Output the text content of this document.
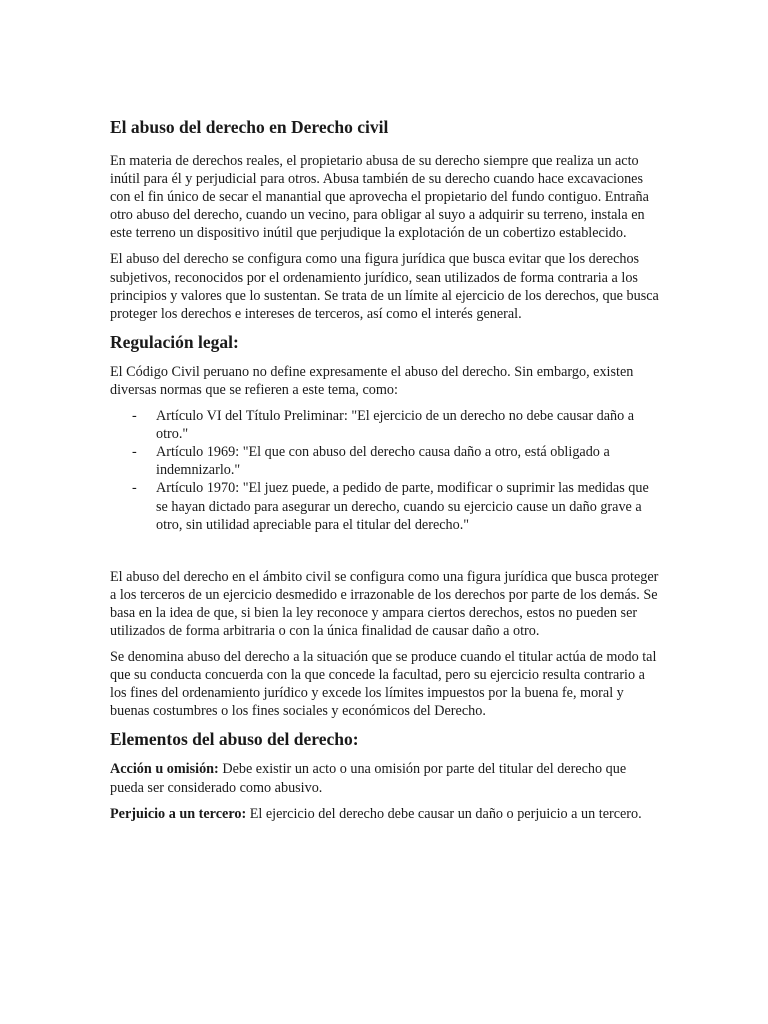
El abuso del derecho en Derecho civil

En materia de derechos reales, el propietario abusa de su derecho siempre que realiza un acto inútil para él y perjudicial para otros. Abusa también de su derecho cuando hace excavaciones con el fin único de secar el manantial que aprovecha el propietario del fundo contiguo. Entraña otro abuso del derecho, cuando un vecino, para obligar al suyo a adquirir su terreno, instala en este terreno un dispositivo inútil que perjudique la explotación de un cobertizo establecido.

El abuso del derecho se configura como una figura jurídica que busca evitar que los derechos subjetivos, reconocidos por el ordenamiento jurídico, sean utilizados de forma contraria a los principios y valores que lo sustentan. Se trata de un límite al ejercicio de los derechos, que busca proteger los derechos e intereses de terceros, así como el interés general.

Regulación legal:

El Código Civil peruano no define expresamente el abuso del derecho. Sin embargo, existen diversas normas que se refieren a este tema, como:

- Artículo VI del Título Preliminar: "El ejercicio de un derecho no debe causar daño a otro."
- Artículo 1969: "El que con abuso del derecho causa daño a otro, está obligado a indemnizarlo."
- Artículo 1970: "El juez puede, a pedido de parte, modificar o suprimir las medidas que se hayan dictado para asegurar un derecho, cuando su ejercicio cause un daño grave a otro, sin utilidad apreciable para el titular del derecho."

El abuso del derecho en el ámbito civil se configura como una figura jurídica que busca proteger a los terceros de un ejercicio desmedido e irrazonable de los derechos por parte de los demás. Se basa en la idea de que, si bien la ley reconoce y ampara ciertos derechos, estos no pueden ser utilizados de forma arbitraria o con la única finalidad de causar daño a otro.

Se denomina abuso del derecho a la situación que se produce cuando el titular actúa de modo tal que su conducta concuerda con la que concede la facultad, pero su ejercicio resulta contrario a los fines del ordenamiento jurídico y excede los límites impuestos por la buena fe, moral y buenas costumbres o los fines sociales y económicos del Derecho.

Elementos del abuso del derecho:

Acción u omisión: Debe existir un acto o una omisión por parte del titular del derecho que pueda ser considerado como abusivo.

Perjuicio a un tercero: El ejercicio del derecho debe causar un daño o perjuicio a un tercero.
